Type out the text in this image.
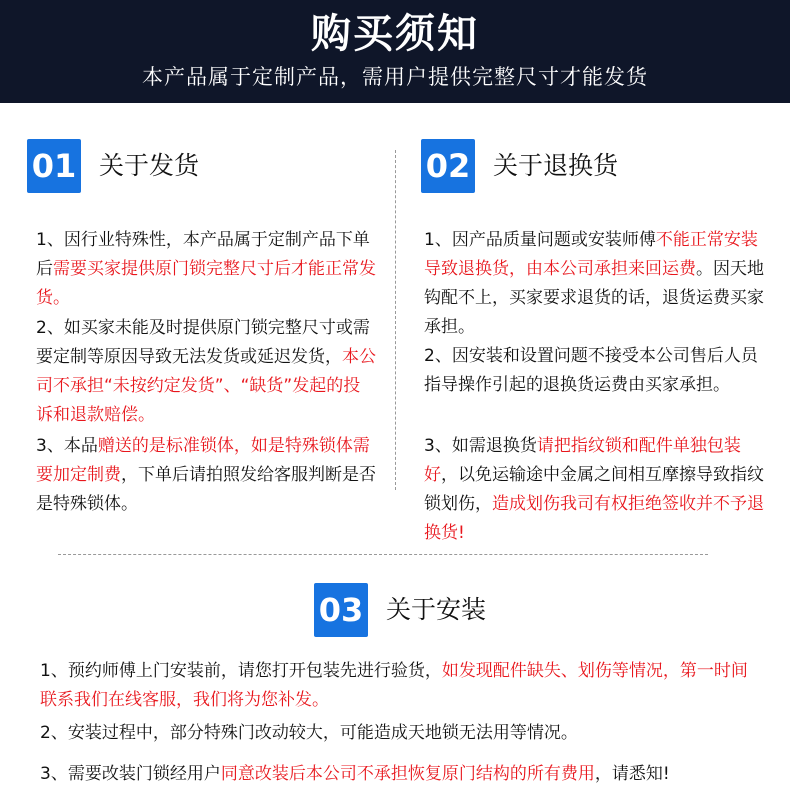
购买须知
本产品属于定制产品，需用户提供完整尺寸才能发货
01 关于发货
1、因行业特殊性，本产品属于定制产品下单后需要买家提供原门锁完整尺寸后才能正常发货。
2、如买家未能及时提供原门锁完整尺寸或需要定制等原因导致无法发货或延迟发货，本公司不承担“未按约定发货”、“缺货”发起的投诉和退款赔偿。
3、本品赠送的是标准锁体，如是特殊锁体需要加定制费，下单后请拍照发给客服判断是否是特殊锁体。
02 关于退换货
1、因产品质量问题或安装师傅不能正常安装导致退换货，由本公司承担来回运费。因天地钩配不上，买家要求退货的话，退货运费买家承担。
2、因安装和设置问题不接受本公司售后人员指导操作引起的退换货运费由买家承担。
3、如需退换货请把指纹锁和配件单独包装好，以免运输途中金属之间相互摩擦导致指纹锁划伤，造成划伤我司有权拒绝签收并不予退换货!
03 关于安装
1、预约师傅上门安装前，请您打开包装先进行验货，如发现配件缺失、划伤等情况，第一时间联系我们在线客服，我们将为您补发。
2、安装过程中，部分特殊门改动较大，可能造成天地锁无法用等情况。
3、需要改装门锁经用户同意改装后本公司不承担恢复原门结构的所有费用，请悉知!
